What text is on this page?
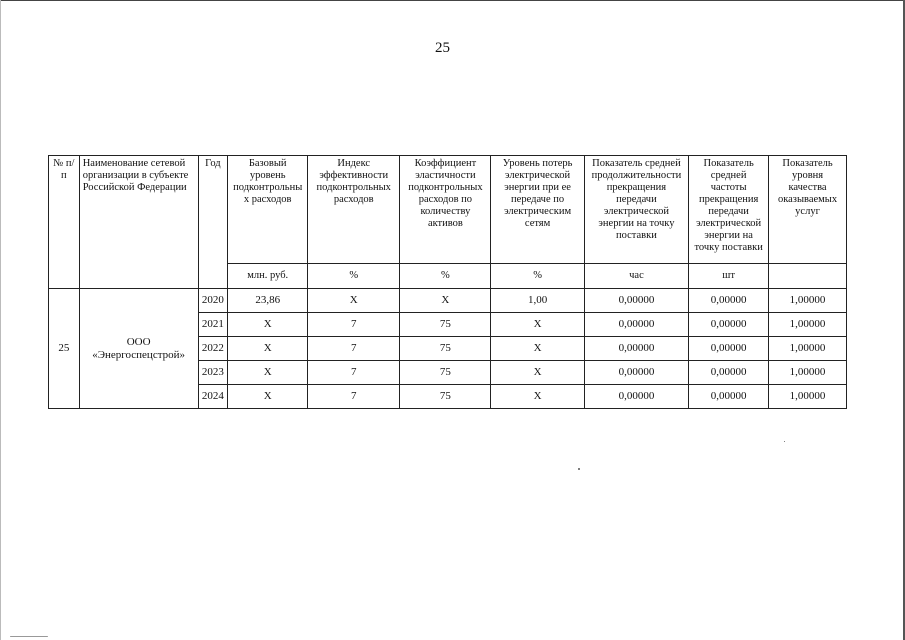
25
№ п/п	Наименование сетевой организации в субъекте Российской Федерации	Год	Базовый уровень подконтрольны х расходов	Индекс эффективности подконтрольных расходов	Коэффициент эластичности подконтрольных расходов по количеству активов	Уровень потерь электрической энергии при ее передаче по электрическим сетям	Показатель средней продолжительности прекращения передачи электрической энергии на точку поставки	Показатель средней частоты прекращения передачи электрической энергии на точку поставки	Показатель уровня качества оказываемых услуг
			млн. руб.	%	%	%	час	шт	
25	ООО «Энергоспецстрой»	2020	23,86	X	X	1,00	0,00000	0,00000	1,00000
		2021	X	7	75	X	0,00000	0,00000	1,00000
		2022	X	7	75	X	0,00000	0,00000	1,00000
		2023	X	7	75	X	0,00000	0,00000	1,00000
		2024	X	7	75	X	0,00000	0,00000	1,00000
